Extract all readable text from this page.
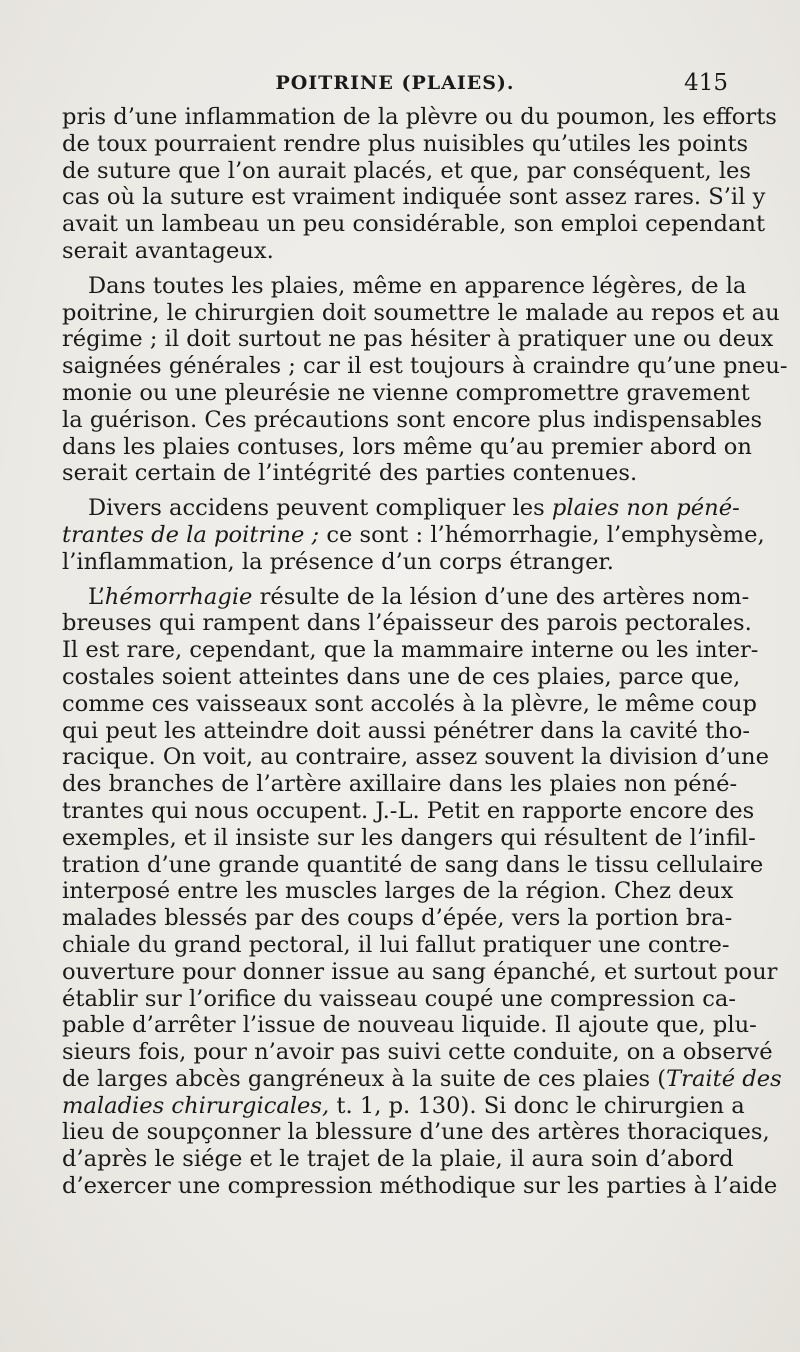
POITRINE (PLAIES).	415
pris d’une inflammation de la plèvre ou du poumon, les efforts
de toux pourraient rendre plus nuisibles qu’utiles les points
de suture que l’on aurait placés, et que, par conséquent, les
cas où la suture est vraiment indiquée sont assez rares. S’il y
avait un lambeau un peu considérable, son emploi cependant
serait avantageux.
Dans toutes les plaies, même en apparence légères, de la
poitrine, le chirurgien doit soumettre le malade au repos et au
régime ; il doit surtout ne pas hésiter à pratiquer une ou deux
saignées générales ; car il est toujours à craindre qu’une pneu-
monie ou une pleurésie ne vienne compromettre gravement
la guérison. Ces précautions sont encore plus indispensables
dans les plaies contuses, lors même qu’au premier abord on
serait certain de l’intégrité des parties contenues.
Divers accidens peuvent compliquer les plaies non péné-
trantes de la poitrine ; ce sont : l’hémorrhagie, l’emphysème,
l’inflammation, la présence d’un corps étranger.
L’hémorrhagie résulte de la lésion d’une des artères nom-
breuses qui rampent dans l’épaisseur des parois pectorales.
Il est rare, cependant, que la mammaire interne ou les inter-
costales soient atteintes dans une de ces plaies, parce que,
comme ces vaisseaux sont accolés à la plèvre, le même coup
qui peut les atteindre doit aussi pénétrer dans la cavité tho-
racique. On voit, au contraire, assez souvent la division d’une
des branches de l’artère axillaire dans les plaies non péné-
trantes qui nous occupent. J.-L. Petit en rapporte encore des
exemples, et il insiste sur les dangers qui résultent de l’infil-
tration d’une grande quantité de sang dans le tissu cellulaire
interposé entre les muscles larges de la région. Chez deux
malades blessés par des coups d’épée, vers la portion bra-
chiale du grand pectoral, il lui fallut pratiquer une contre-
ouverture pour donner issue au sang épanché, et surtout pour
établir sur l’orifice du vaisseau coupé une compression ca-
pable d’arrêter l’issue de nouveau liquide. Il ajoute que, plu-
sieurs fois, pour n’avoir pas suivi cette conduite, on a observé
de larges abcès gangréneux à la suite de ces plaies (Traité des
maladies chirurgicales, t. 1, p. 130). Si donc le chirurgien a
lieu de soupçonner la blessure d’une des artères thoraciques,
d’après le siége et le trajet de la plaie, il aura soin d’abord
d’exercer une compression méthodique sur les parties à l’aide
